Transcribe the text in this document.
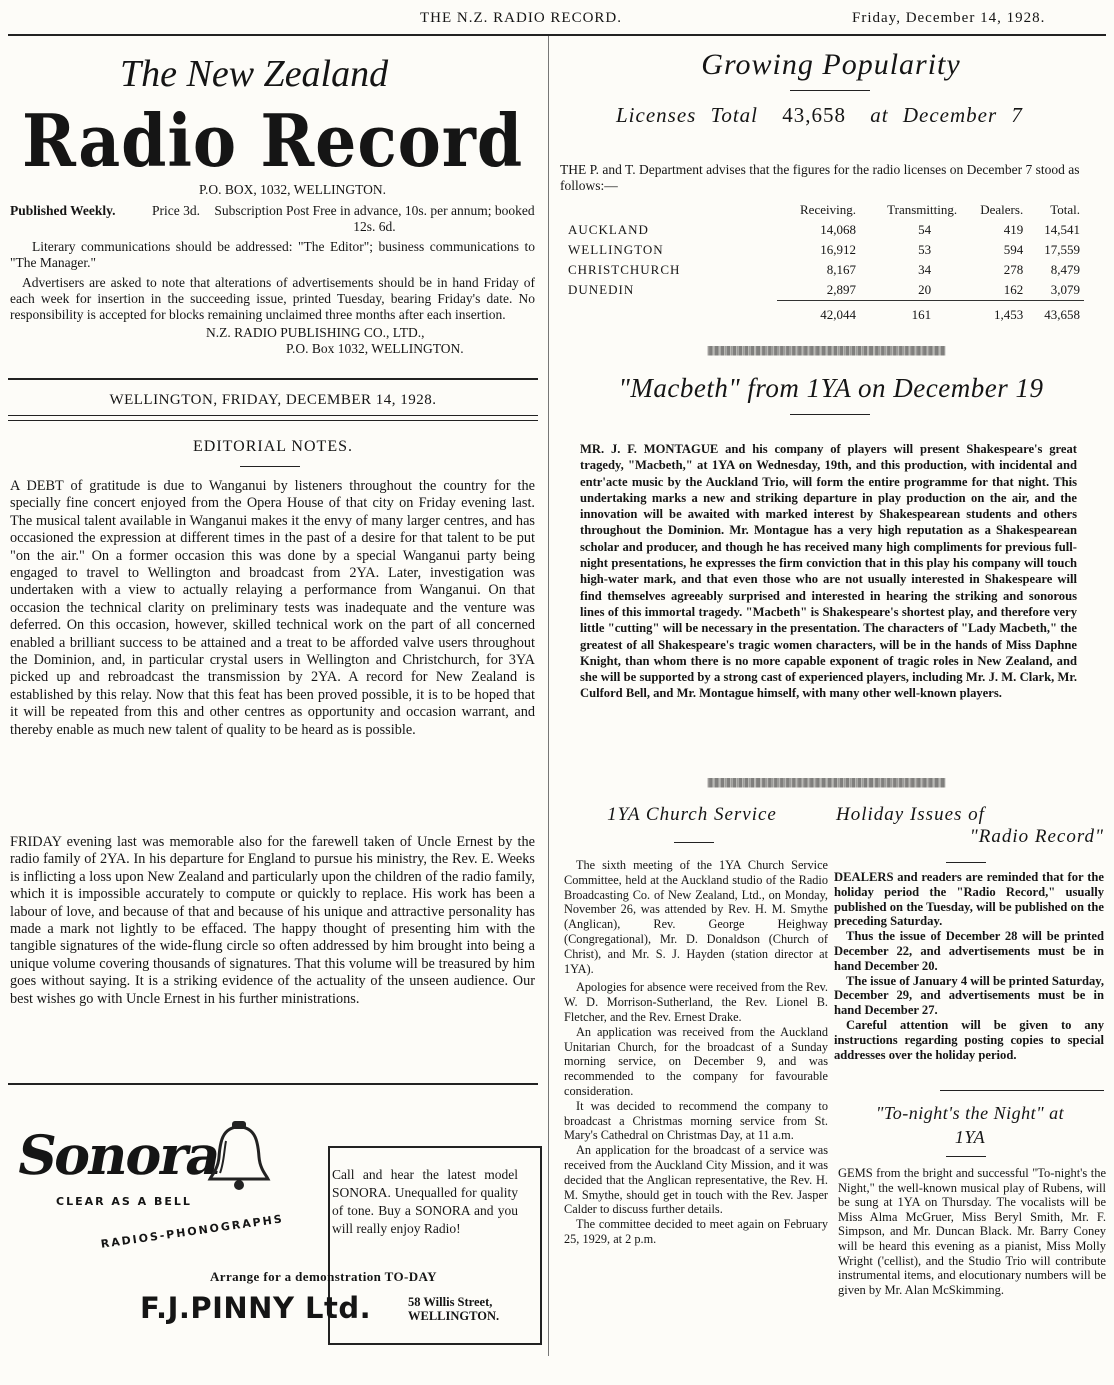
THE N.Z. RADIO RECORD.	Friday, December 14, 1928.
The New Zealand
Radio Record
P.O. BOX, 1032, WELLINGTON.
Published Weekly.	Price 3d.	Subscription Post Free in advance, 10s. per annum; booked 12s. 6d.
Literary communications should be addressed: "The Editor"; business communications to "The Manager."
Advertisers are asked to note that alterations of advertisements should be in hand Friday of each week for insertion in the succeeding issue, printed Tuesday, bearing Friday's date. No responsibility is accepted for blocks remaining unclaimed three months after each insertion.
N.Z. RADIO PUBLISHING CO., LTD.,
P.O. Box 1032, WELLINGTON.
WELLINGTON, FRIDAY, DECEMBER 14, 1928.
EDITORIAL NOTES.
A DEBT of gratitude is due to Wanganui by listeners throughout the country for the specially fine concert enjoyed from the Opera House of that city on Friday evening last. The musical talent available in Wanganui makes it the envy of many larger centres, and has occasioned the expression at different times in the past of a desire for that talent to be put "on the air." On a former occasion this was done by a special Wanganui party being engaged to travel to Wellington and broadcast from 2YA. Later, investigation was undertaken with a view to actually relaying a performance from Wanganui. On that occasion the technical clarity on preliminary tests was inadequate and the venture was deferred. On this occasion, however, skilled technical work on the part of all concerned enabled a brilliant success to be attained and a treat to be afforded valve users throughout the Dominion, and, in particular crystal users in Wellington and Christchurch, for 3YA picked up and rebroadcast the transmission by 2YA. A record for New Zealand is established by this relay. Now that this feat has been proved possible, it is to be hoped that it will be repeated from this and other centres as opportunity and occasion warrant, and thereby enable as much new talent of quality to be heard as is possible.
FRIDAY evening last was memorable also for the farewell taken of Uncle Ernest by the radio family of 2YA. In his departure for England to pursue his ministry, the Rev. E. Weeks is inflicting a loss upon New Zealand and particularly upon the children of the radio family, which it is impossible accurately to compute or quickly to replace. His work has been a labour of love, and because of that and because of his unique and attractive personality has made a mark not lightly to be effaced. The happy thought of presenting him with the tangible signatures of the wide-flung circle so often addressed by him brought into being a unique volume covering thousands of signatures. That this volume will be treasured by him goes without saying. It is a striking evidence of the actuality of the unseen audience. Our best wishes go with Uncle Ernest in his further ministrations.
Sonora
CLEAR AS A BELL
RADIOS-PHONOGRAPHS
Call and hear the latest model SONORA. Unequalled for quality of tone. Buy a SONORA and you will really enjoy Radio!
Arrange for a demonstration TO-DAY
F.J.PINNY Ltd.	58 Willis Street,
WELLINGTON.
Growing Popularity
Licenses Total 43,658 at December 7
THE P. and T. Department advises that the figures for the radio licenses on December 7 stood as follows:—
	Receiving.	Transmitting.	Dealers.	Total.
AUCKLAND	14,068	54	419	14,541
WELLINGTON	16,912	53	594	17,559
CHRISTCHURCH	8,167	34	278	8,479
DUNEDIN	2,897	20	162	3,079
	42,044	161	1,453	43,658
||||||||||||||||||||||||||||||||||||||||||||||||||||||||||||||||||||||||||||||||||||||||||||||||||||||||||||||||||||||||||||||||||||||||||||||||||||||||||||||||||||||||||||||||||||||||||||||||||||||
"Macbeth" from 1YA on December 19
MR. J. F. MONTAGUE and his company of players will present Shakespeare's great tragedy, "Macbeth," at 1YA on Wednesday, 19th, and this production, with incidental and entr'acte music by the Auckland Trio, will form the entire programme for that night. This undertaking marks a new and striking departure in play production on the air, and the innovation will be awaited with marked interest by Shakespearean students and others throughout the Dominion. Mr. Montague has a very high reputation as a Shakespearean scholar and producer, and though he has received many high compliments for previous full-night presentations, he expresses the firm conviction that in this play his company will touch high-water mark, and that even those who are not usually interested in Shakespeare will find themselves agreeably surprised and interested in hearing the striking and sonorous lines of this immortal tragedy. "Macbeth" is Shakespeare's shortest play, and therefore very little "cutting" will be necessary in the presentation. The characters of "Lady Macbeth," the greatest of all Shakespeare's tragic women characters, will be in the hands of Miss Daphne Knight, than whom there is no more capable exponent of tragic roles in New Zealand, and she will be supported by a strong cast of experienced players, including Mr. J. M. Clark, Mr. Culford Bell, and Mr. Montague himself, with many other well-known players.
||||||||||||||||||||||||||||||||||||||||||||||||||||||||||||||||||||||||||||||||||||||||||||||||||||||||||||||||||||||||||||||||||||||||||||||||||||||||||||||||||||||||||||||||||||||||||||||||||||||
1YA Church Service
The sixth meeting of the 1YA Church Service Committee, held at the Auckland studio of the Radio Broadcasting Co. of New Zealand, Ltd., on Monday, November 26, was attended by Rev. H. M. Smythe (Anglican), Rev. George Heighway (Congregational), Mr. D. Donaldson (Church of Christ), and Mr. S. J. Hayden (station director at 1YA).
Apologies for absence were received from the Rev. W. D. Morrison-Sutherland, the Rev. Lionel B. Fletcher, and the Rev. Ernest Drake.
An application was received from the Auckland Unitarian Church, for the broadcast of a Sunday morning service, on December 9, and was recommended to the company for favourable consideration.
It was decided to recommend the company to broadcast a Christmas morning service from St. Mary's Cathedral on Christmas Day, at 11 a.m.
An application for the broadcast of a service was received from the Auckland City Mission, and it was decided that the Anglican representative, the Rev. H. M. Smythe, should get in touch with the Rev. Jasper Calder to discuss further details.
The committee decided to meet again on February 25, 1929, at 2 p.m.
Holiday Issues of
"Radio Record"
DEALERS and readers are reminded that for the holiday period the "Radio Record," usually published on the Tuesday, will be published on the preceding Saturday.
Thus the issue of December 28 will be printed December 22, and advertisements must be in hand December 20.
The issue of January 4 will be printed Saturday, December 29, and advertisements must be in hand December 27.
Careful attention will be given to any instructions regarding posting copies to special addresses over the holiday period.
"To-night's the Night" at
1YA
GEMS from the bright and successful "To-night's the Night," the well-known musical play of Rubens, will be sung at 1YA on Thursday. The vocalists will be Miss Alma McGruer, Miss Beryl Smith, Mr. F. Simpson, and Mr. Duncan Black. Mr. Barry Coney will be heard this evening as a pianist, Miss Molly Wright ('cellist), and the Studio Trio will contribute instrumental items, and elocutionary numbers will be given by Mr. Alan McSkimming.
